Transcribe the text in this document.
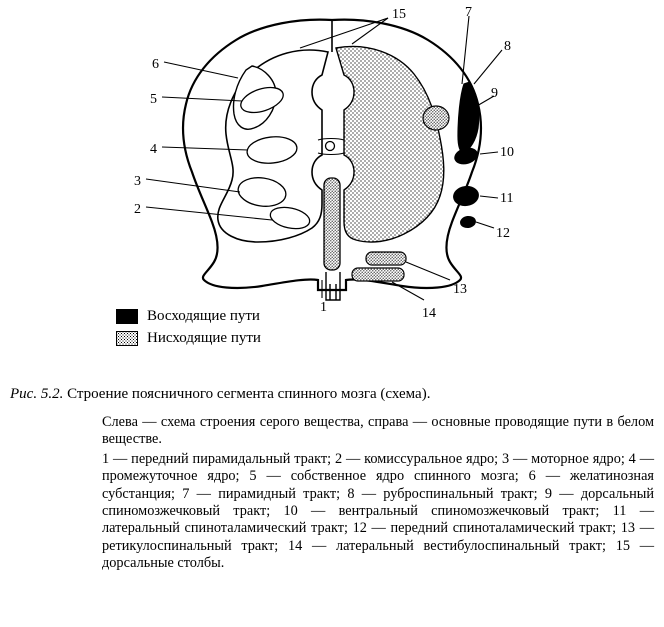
15	7
8
9
10
11
12
13
14
1
2
3
4
5
6
Восходящие пути
Нисходящие пути
Рис. 5.2. Строение поясничного сегмента спинного мозга (схема).

Слева — схема строения серого вещества, справа — основные проводящие пути в белом веществе.

1 — передний пирамидальный тракт; 2 — комиссуральное ядро; 3 — моторное ядро; 4 — промежуточное ядро; 5 — собственное ядро спинного мозга; 6 — желатинозная субстанция; 7 — пирамидный тракт; 8 — руброспинальный тракт; 9 — дорсальный спиномозжечковый тракт; 10 — вентральный спиномозжечковый тракт; 11 — латеральный спиноталамический тракт; 12 — передний спиноталамический тракт; 13 — ретикулоспинальный тракт; 14 — латеральный вестибулоспинальный тракт; 15 — дорсальные столбы.
